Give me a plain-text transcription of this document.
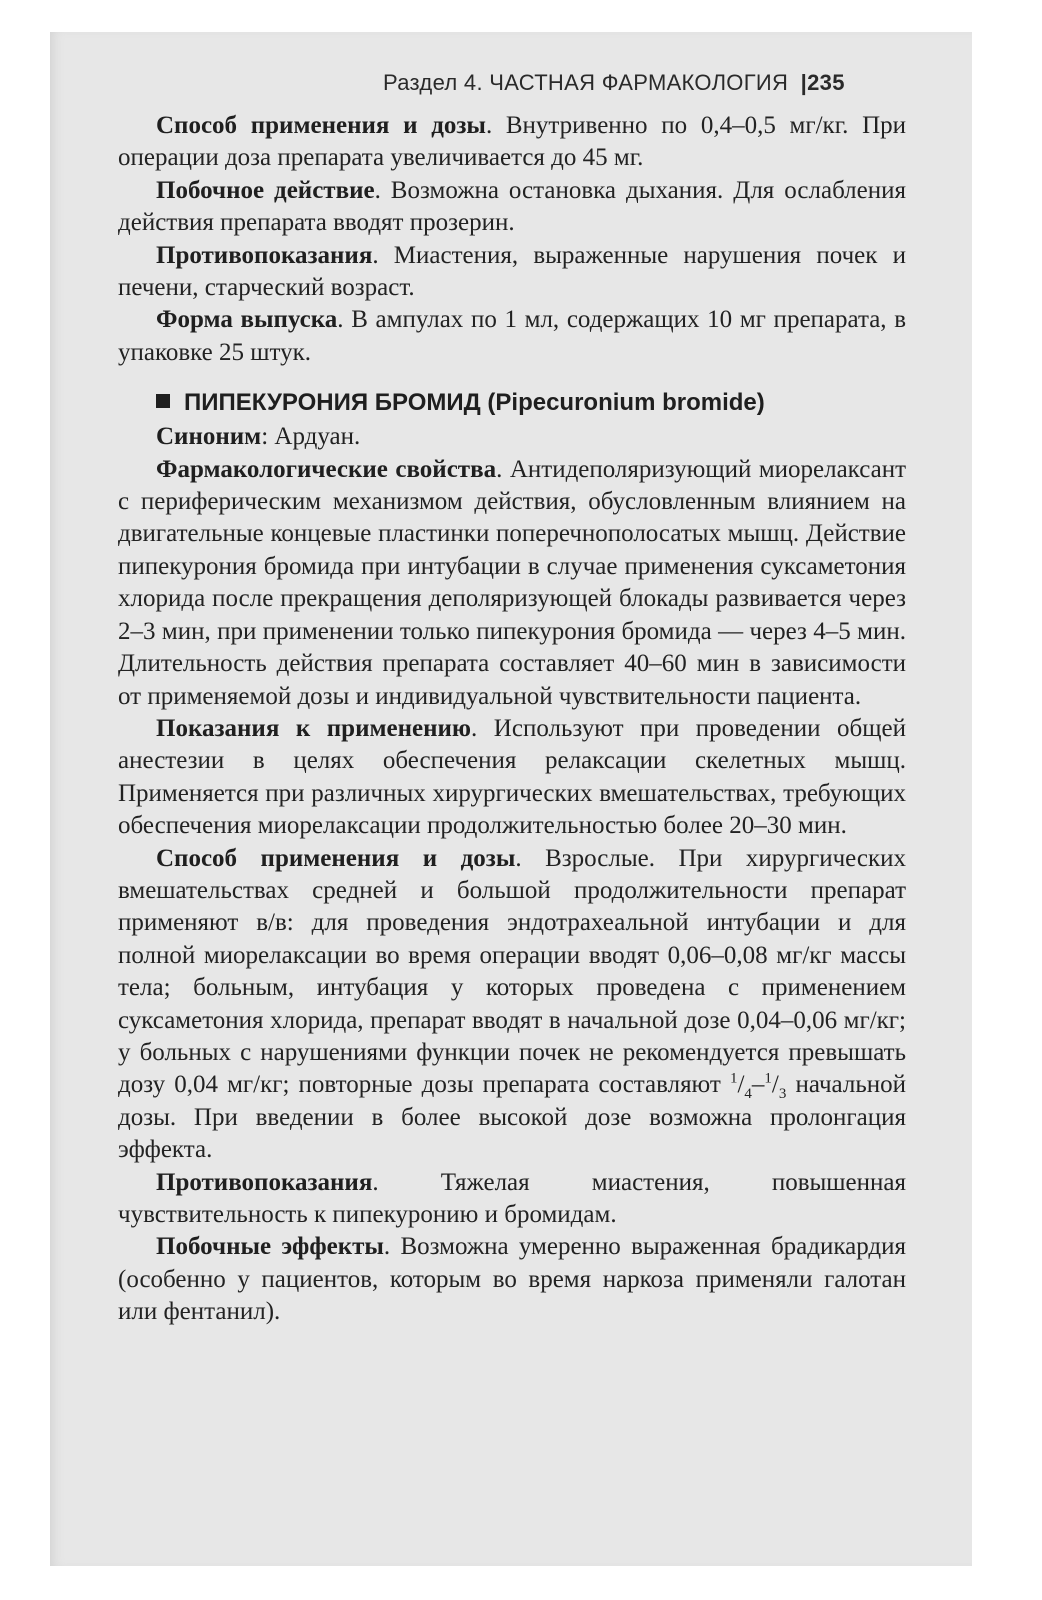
Раздел 4. ЧАСТНАЯ ФАРМАКОЛОГИЯ |235

Способ применения и дозы. Внутривенно по 0,4–0,5 мг/кг. При операции доза препарата увеличивается до 45 мг.

Побочное действие. Возможна остановка дыхания. Для ослабления действия препарата вводят прозерин.

Противопоказания. Миастения, выраженные нарушения почек и печени, старческий возраст.

Форма выпуска. В ампулах по 1 мл, содержащих 10 мг препарата, в упаковке 25 штук.

ПИПЕКУРОНИЯ БРОМИД (Pipecuronium bromide)

Синоним: Ардуан.

Фармакологические свойства. Антидеполяризующий миорелаксант с периферическим механизмом действия, обусловленным влиянием на двигательные концевые пластинки поперечнополосатых мышц. Действие пипекурония бромида при интубации в случае применения суксаметония хлорида после прекращения деполяризующей блокады развивается через 2–3 мин, при применении только пипекурония бромида — через 4–5 мин. Длительность действия препарата составляет 40–60 мин в зависимости от применяемой дозы и индивидуальной чувствительности пациента.

Показания к применению. Используют при проведении общей анестезии в целях обеспечения релаксации скелетных мышц. Применяется при различных хирургических вмешательствах, требующих обеспечения миорелаксации продолжительностью более 20–30 мин.

Способ применения и дозы. Взрослые. При хирургических вмешательствах средней и большой продолжительности препарат применяют в/в: для проведения эндотрахеальной интубации и для полной миорелаксации во время операции вводят 0,06–0,08 мг/кг массы тела; больным, интубация у которых проведена с применением суксаметония хлорида, препарат вводят в начальной дозе 0,04–0,06 мг/кг; у больных с нарушениями функции почек не рекомендуется превышать дозу 0,04 мг/кг; повторные дозы препарата составляют $^1/_4-^1/_3$ начальной дозы. При введении в более высокой дозе возможна пролонгация эффекта.

Противопоказания. Тяжелая миастения, повышенная чувствительность к пипекуронию и бромидам.

Побочные эффекты. Возможна умеренно выраженная брадикардия (особенно у пациентов, которым во время наркоза применяли галотан или фентанил).
